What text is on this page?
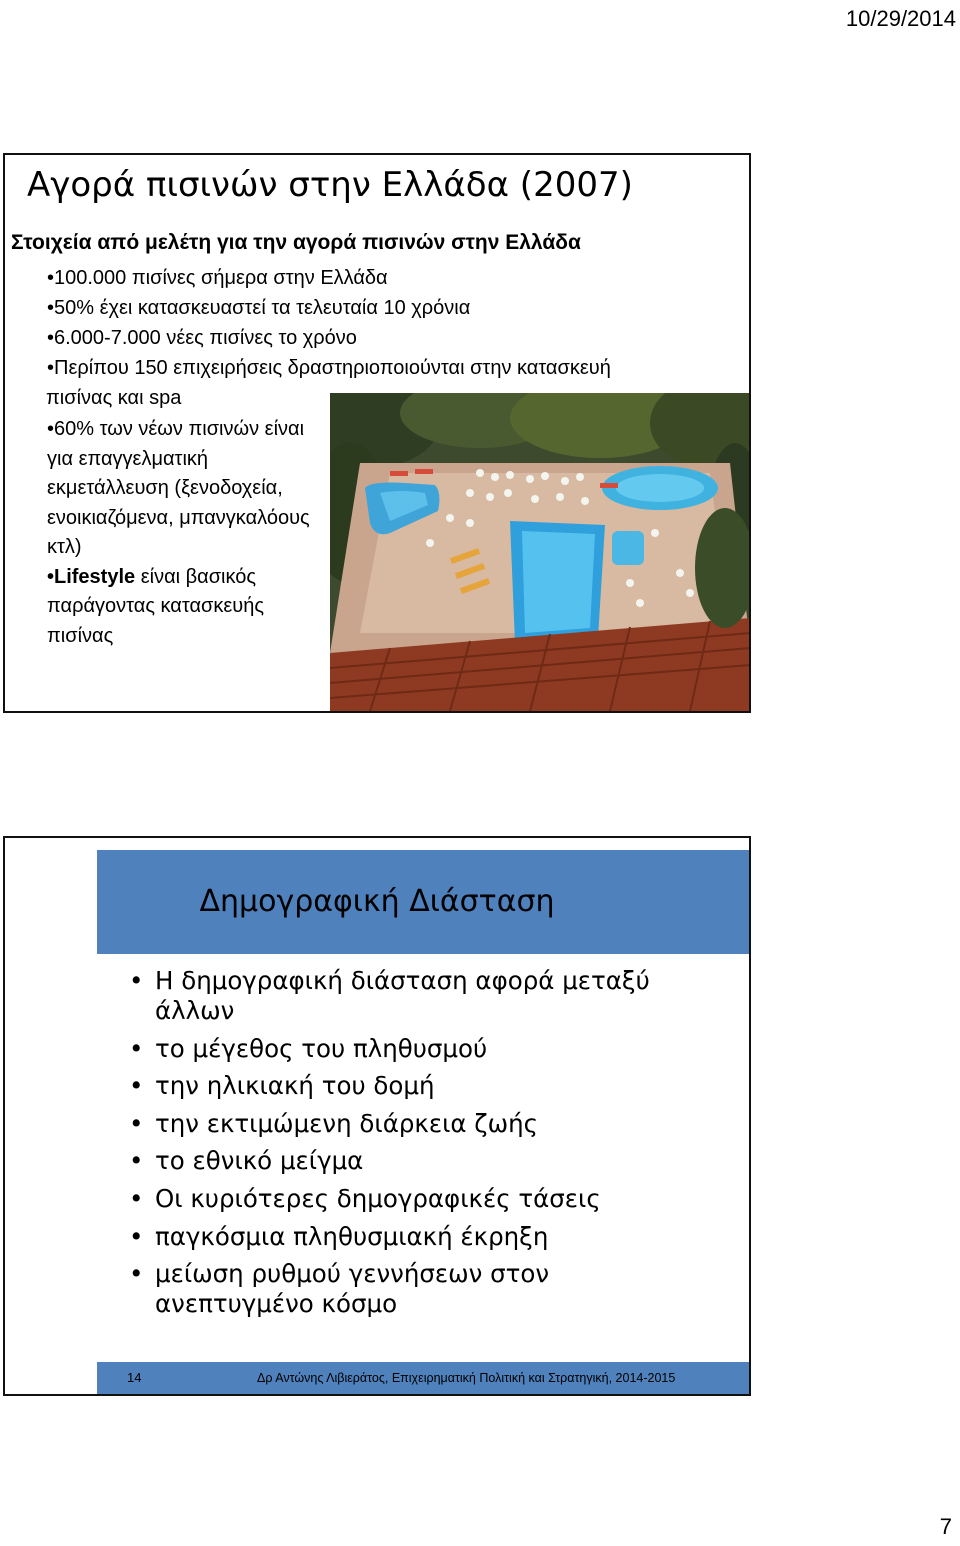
10/29/2014
Αγορά πισινών στην Ελλάδα (2007)
Στοιχεία από μελέτη για την αγορά πισινών στην Ελλάδα
•100.000 πισίνες σήμερα στην Ελλάδα
•50% έχει κατασκευαστεί τα τελευταία 10 χρόνια
•6.000-7.000 νέες πισίνες το χρόνο
•Περίπου 150 επιχειρήσεις δραστηριοποιούνται στην κατασκευή
πισίνας και spa
•60% των νέων πισινών είναι για επαγγελματική εκμετάλλευση (ξενοδοχεία, ενοικιαζόμενα, μπανγκαλόους κτλ)
•Lifestyle είναι βασικός παράγοντας κατασκευής πισίνας
Δημογραφική Διάσταση
• Η δημογραφική διάσταση αφορά μεταξύ άλλων
• το μέγεθος του πληθυσμού
• την ηλικιακή του δομή
• την εκτιμώμενη διάρκεια ζωής
• το εθνικό μείγμα
• Οι κυριότερες δημογραφικές τάσεις
• παγκόσμια πληθυσμιακή έκρηξη
• μείωση ρυθμού γεννήσεων στον ανεπτυγμένο κόσμο
14	Δρ Αντώνης Λιβιεράτος, Επιχειρηματική Πολιτική και Στρατηγική, 2014-2015
7
